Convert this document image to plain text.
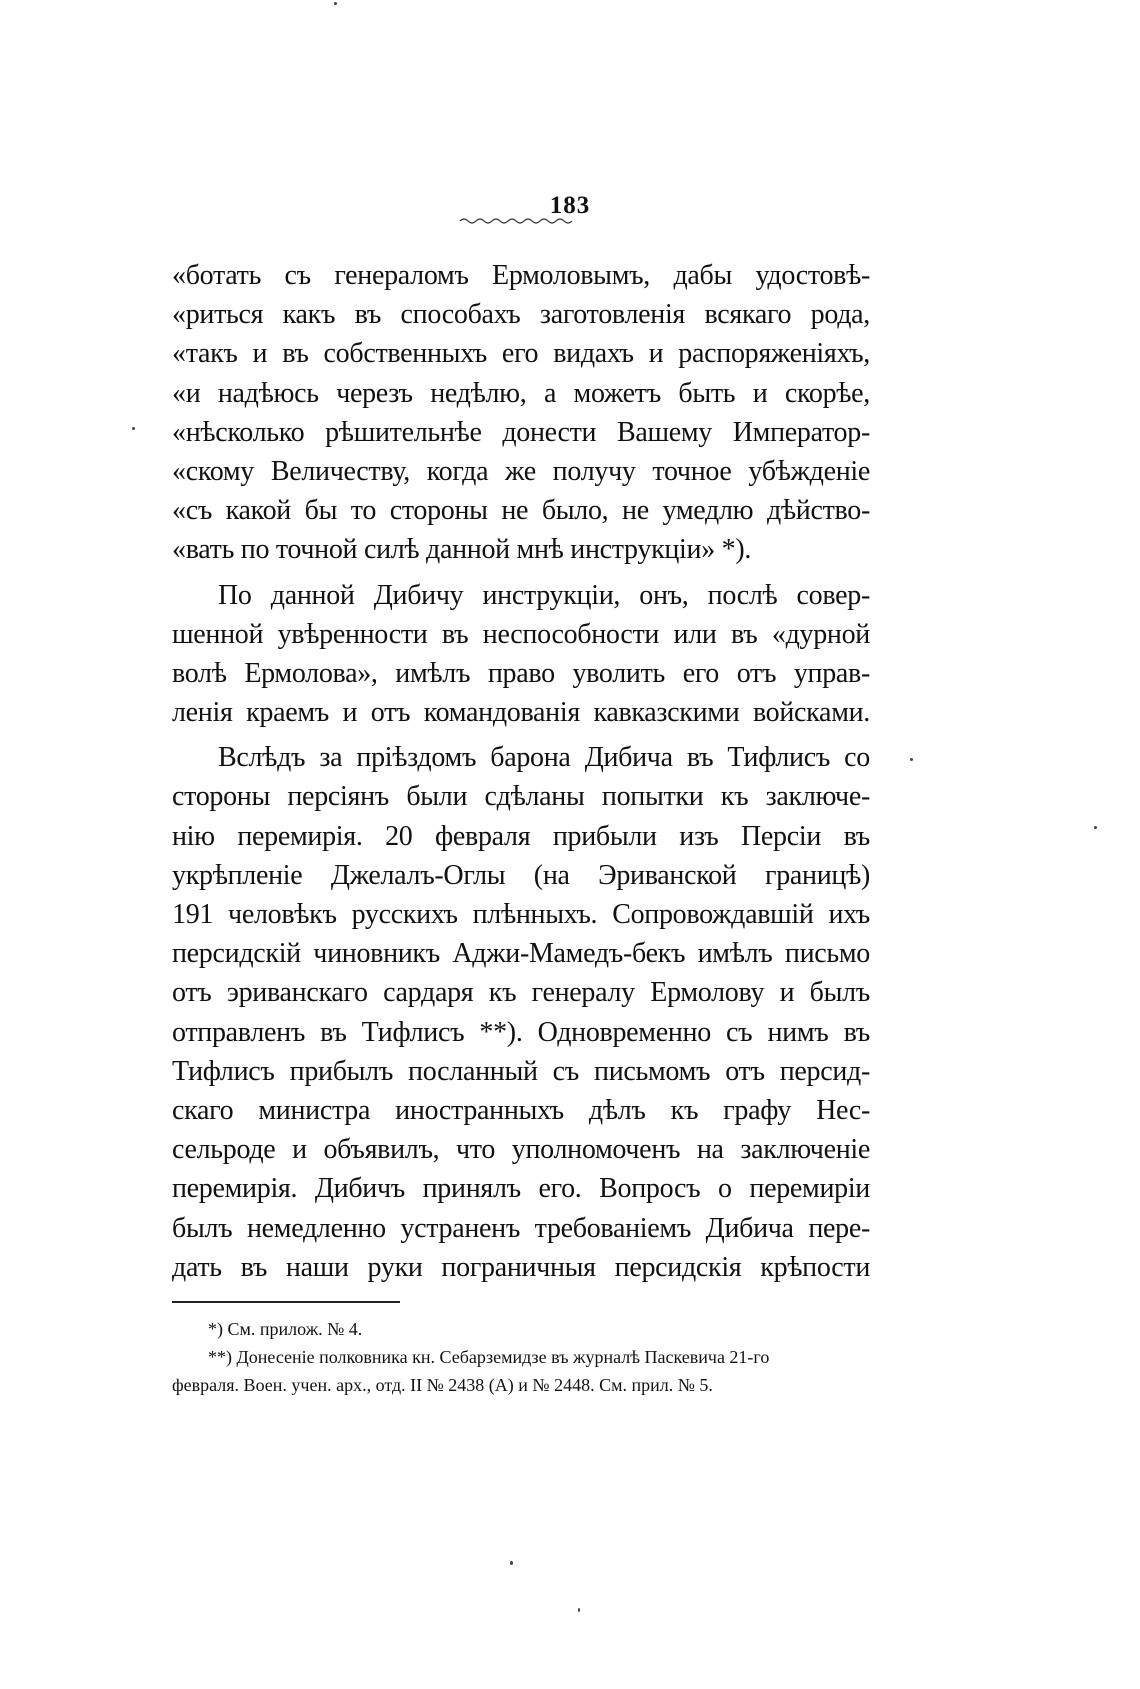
183
«ботать съ генераломъ Ермоловымъ, дабы удостовѣ-
«риться какъ въ способахъ заготовленія всякаго рода,
«такъ и въ собственныхъ его видахъ и распоряженіяхъ,
«и надѣюсь черезъ недѣлю, а можетъ быть и скорѣе,
«нѣсколько рѣшительнѣе донести Вашему Император-
«скому Величеству, когда же получу точное убѣжденіе
«съ какой бы то стороны не было, не умедлю дѣйство-
«вать по точной силѣ данной мнѣ инструкціи» *).
По данной Дибичу инструкціи, онъ, послѣ совер-
шенной увѣренности въ неспособности или въ «дурной
волѣ Ермолова», имѣлъ право уволить его отъ управ-
ленія краемъ и отъ командованія кавказскими войсками.
Вслѣдъ за пріѣздомъ барона Дибича въ Тифлисъ со
стороны персіянъ были сдѣланы попытки къ заключе-
нію перемирія. 20 февраля прибыли изъ Персіи въ
укрѣпленіе Джелалъ-Оглы (на Эриванской границѣ)
191 человѣкъ русскихъ плѣнныхъ. Сопровождавшій ихъ
персидскій чиновникъ Аджи-Мамедъ-бекъ имѣлъ письмо
отъ эриванскаго сардаря къ генералу Ермолову и былъ
отправленъ въ Тифлисъ **). Одновременно съ нимъ въ
Тифлисъ прибылъ посланный съ письмомъ отъ персид-
скаго министра иностранныхъ дѣлъ къ графу Нес-
сельроде и объявилъ, что уполномоченъ на заключеніе
перемирія. Дибичъ принялъ его. Вопросъ о перемиріи
былъ немедленно устраненъ требованіемъ Дибича пере-
дать въ наши руки пограничныя персидскія крѣпости
*) См. прилож. № 4.
**) Донесеніе полковника кн. Себарземидзе въ журналѣ Паскевича 21-го
февраля. Воен. учен. арх., отд. II № 2438 (А) и № 2448. См. прил. № 5.
